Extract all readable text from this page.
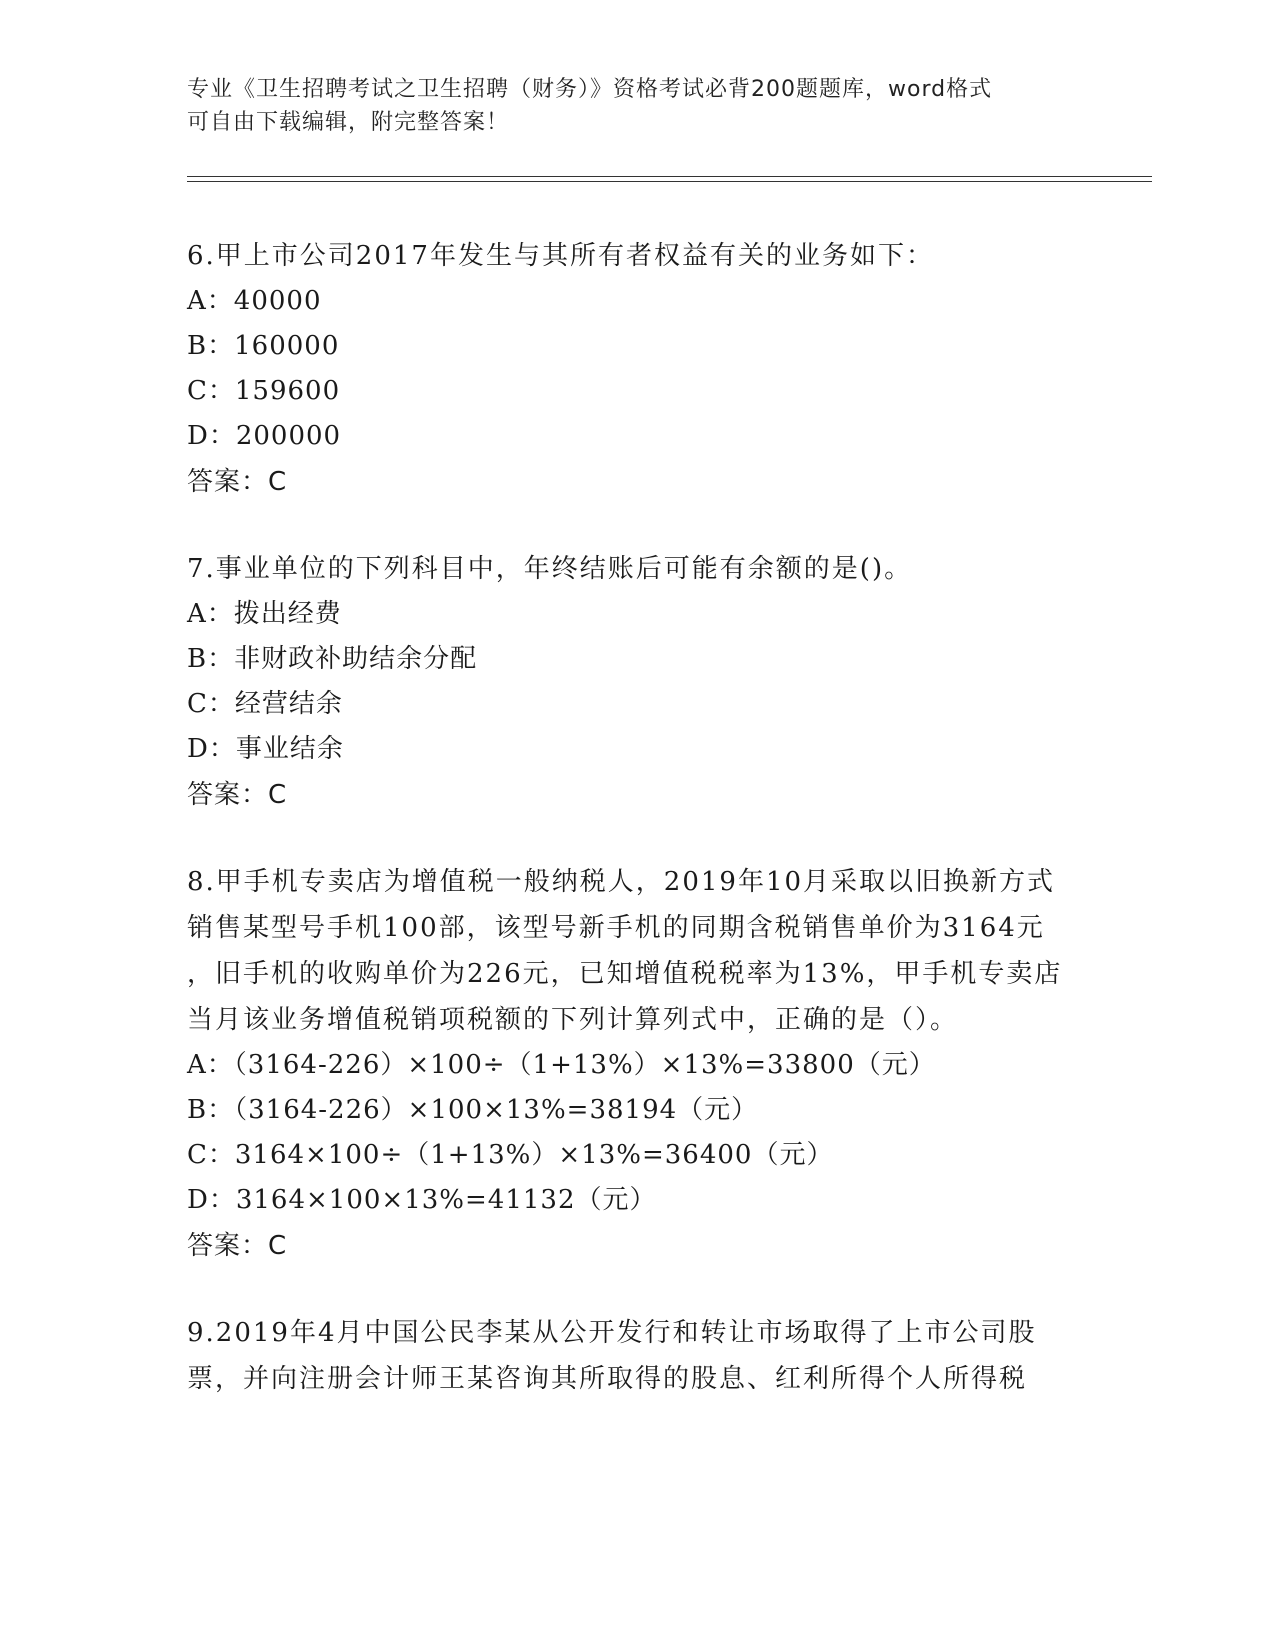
专业《卫生招聘考试之卫生招聘（财务）》资格考试必背200题题库，word格式
可自由下载编辑，附完整答案！
6.甲上市公司2017年发生与其所有者权益有关的业务如下：
A：40000
B：160000
C：159600
D：200000
答案：C
7.事业单位的下列科目中，年终结账后可能有余额的是()。
A：拨出经费
B：非财政补助结余分配
C：经营结余
D：事业结余
答案：C
8.甲手机专卖店为增值税一般纳税人，2019年10月采取以旧换新方式
销售某型号手机100部，该型号新手机的同期含税销售单价为3164元
，旧手机的收购单价为226元，已知增值税税率为13%，甲手机专卖店
当月该业务增值税销项税额的下列计算列式中，正确的是（）。
A：（3164-226）×100÷（1+13%）×13%=33800（元）
B：（3164-226）×100×13%=38194（元）
C：3164×100÷（1+13%）×13%=36400（元）
D：3164×100×13%=41132（元）
答案：C
9.2019年4月中国公民李某从公开发行和转让市场取得了上市公司股
票，并向注册会计师王某咨询其所取得的股息、红利所得个人所得税
